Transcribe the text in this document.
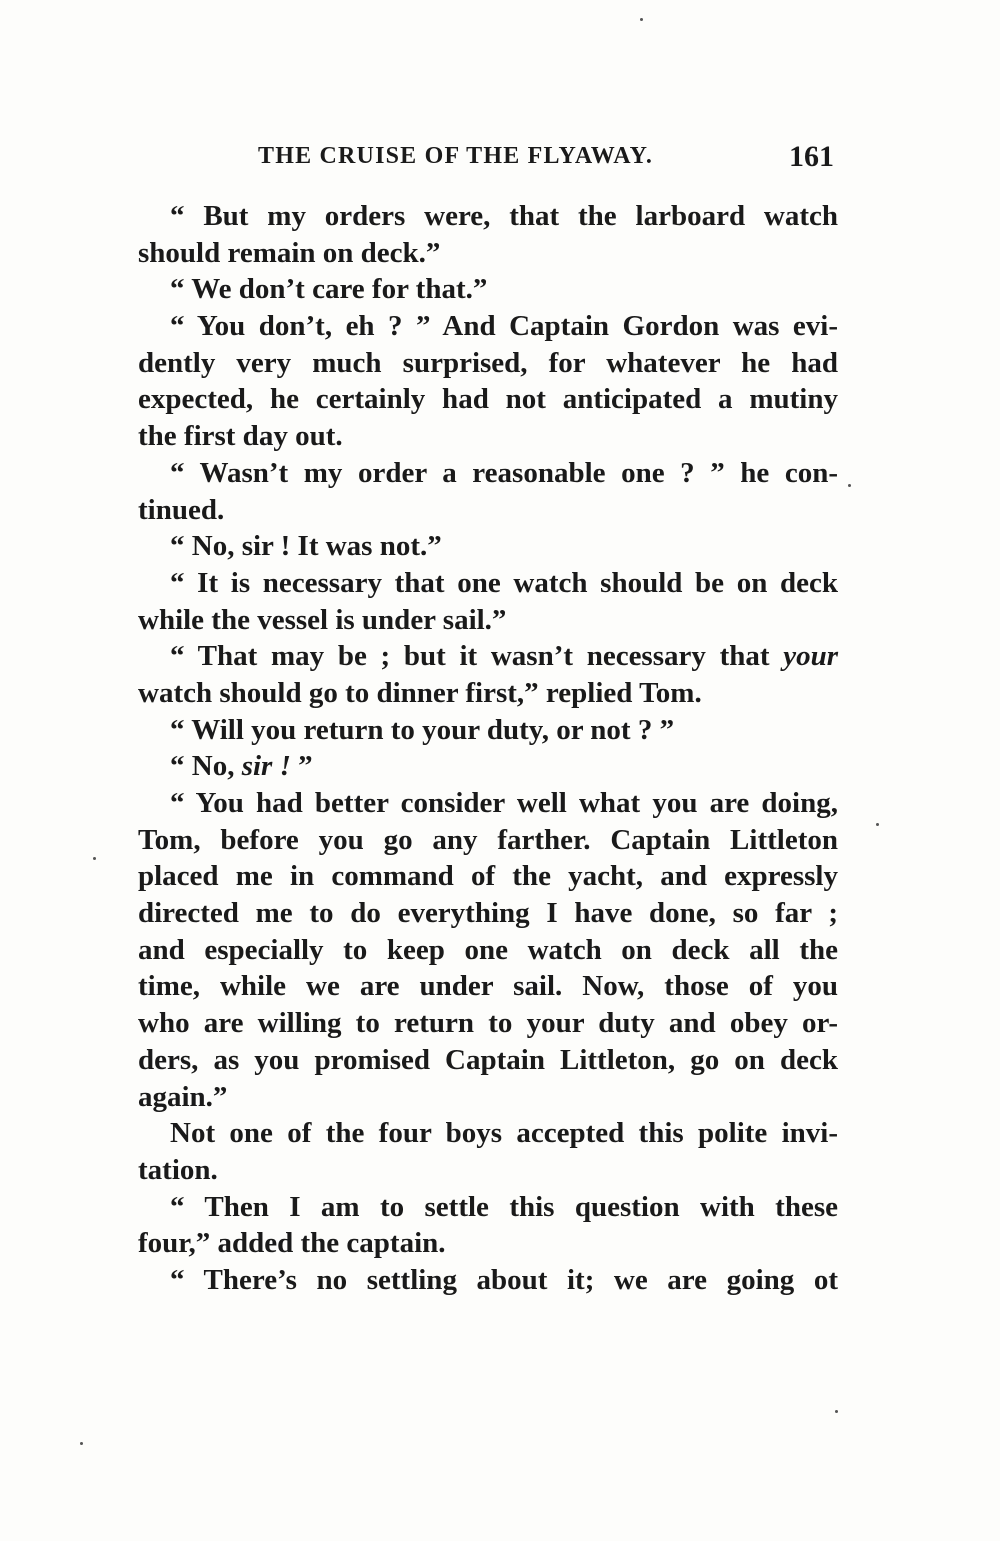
THE CRUISE OF THE FLYAWAY.	161
“ But my orders were, that the larboard watch
should remain on deck.”
“ We don’t care for that.”
“ You don’t, eh ? ” And Captain Gordon was evi-
dently very much surprised, for whatever he had
expected, he certainly had not anticipated a mutiny
the first day out.
“ Wasn’t my order a reasonable one ? ” he con-
tinued.
“ No, sir ! It was not.”
“ It is necessary that one watch should be on deck
while the vessel is under sail.”
“ That may be ; but it wasn’t necessary that your
watch should go to dinner first,” replied Tom.
“ Will you return to your duty, or not ? ”
“ No, sir ! ”
“ You had better consider well what you are doing,
Tom, before you go any farther. Captain Littleton
placed me in command of the yacht, and expressly
directed me to do everything I have done, so far ;
and especially to keep one watch on deck all the
time, while we are under sail. Now, those of you
who are willing to return to your duty and obey or-
ders, as you promised Captain Littleton, go on deck
again.”
Not one of the four boys accepted this polite invi-
tation.
“ Then I am to settle this question with these
four,” added the captain.
“ There’s no settling about it; we are going ot
